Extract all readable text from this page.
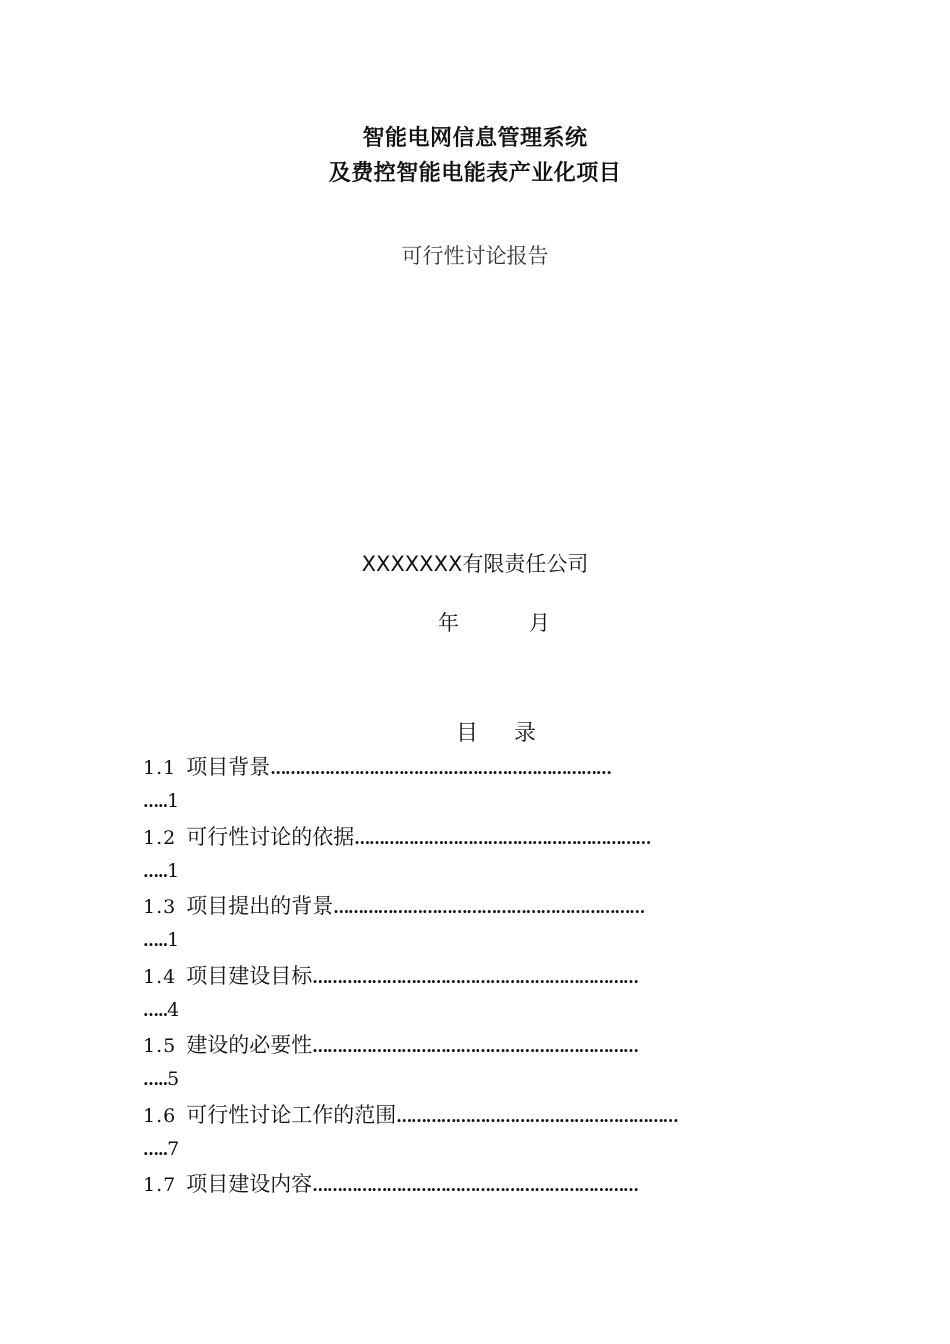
智能电网信息管理系统
及费控智能电能表产业化项目
可行性讨论报告
XXXXXXX有限责任公司
年	月
目 录
1.1 项目背景……………………………………………………………
…..1
1.2 可行性讨论的依据……………………………………………………
…..1
1.3 项目提出的背景………………………………………………………
…..1
1.4 项目建设目标…………………………………………………………
…..4
1.5 建设的必要性…………………………………………………………
…..5
1.6 可行性讨论工作的范围…………………………………………………
…..7
1.7 项目建设内容…………………………………………………………
